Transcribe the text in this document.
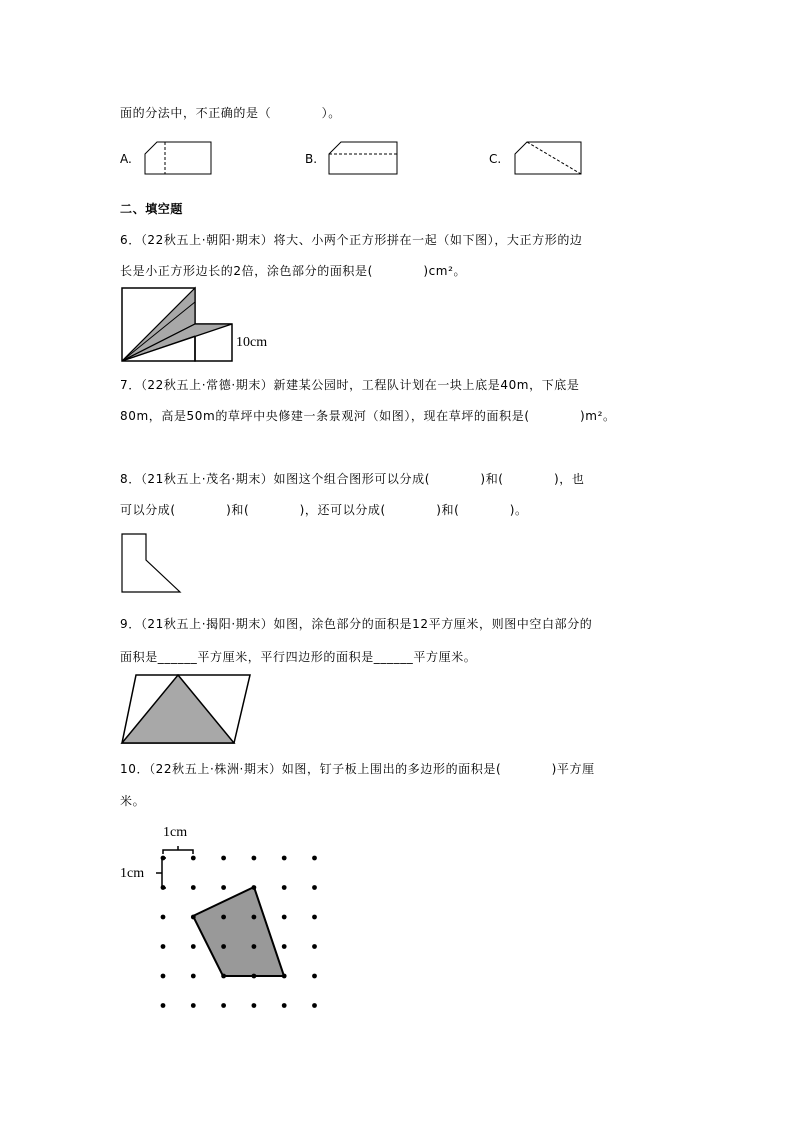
面的分法中，不正确的是（　　　　）。
A.	B.	C.
二、填空题
6．（22秋五上·朝阳·期末）将大、小两个正方形拼在一起（如下图），大正方形的边
长是小正方形边长的2倍，涂色部分的面积是(　　　　)cm²。
10cm
7．（22秋五上·常德·期末）新建某公园时，工程队计划在一块上底是40m，下底是
80m，高是50m的草坪中央修建一条景观河（如图），现在草坪的面积是(　　　　)m²。
8．（21秋五上·茂名·期末）如图这个组合图形可以分成(　　　　)和(　　　　)，也
可以分成(　　　　)和(　　　　)，还可以分成(　　　　)和(　　　　)。
9．（21秋五上·揭阳·期末）如图，涂色部分的面积是12平方厘米，则图中空白部分的
面积是______平方厘米，平行四边形的面积是______平方厘米。
10．（22秋五上·株洲·期末）如图，钉子板上围出的多边形的面积是(　　　　)平方厘
米。
1cm
1cm
